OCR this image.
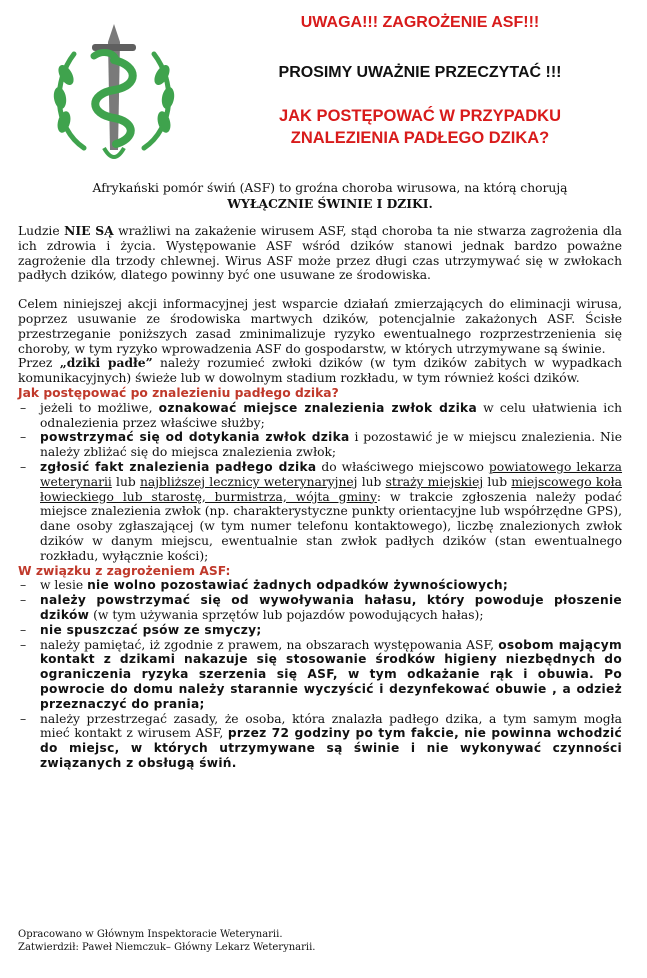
UWAGA!!! ZAGROŻENIE ASF!!!
PROSIMY UWAŻNIE PRZECZYTAĆ !!!
JAK POSTĘPOWAĆ W PRZYPADKU
ZNALEZIENIA PADŁEGO DZIKA?
Afrykański pomór świń (ASF) to groźna choroba wirusowa, na którą chorują
WYŁĄCZNIE ŚWINIE I DZIKI.

Ludzie NIE SĄ wrażliwi na zakażenie wirusem ASF, stąd choroba ta nie stwarza zagrożenia dla ich zdrowia i życia. Występowanie ASF wśród dzików stanowi jednak bardzo poważne zagrożenie dla trzody chlewnej. Wirus ASF może przez długi czas utrzymywać się w zwłokach padłych dzików, dlatego powinny być one usuwane ze środowiska.

Celem niniejszej akcji informacyjnej jest wsparcie działań zmierzających do eliminacji wirusa, poprzez usuwanie ze środowiska martwych dzików, potencjalnie zakażonych ASF. Ścisłe przestrzeganie poniższych zasad zminimalizuje ryzyko ewentualnego rozprzestrzenienia się choroby, w tym ryzyko wprowadzenia ASF do gospodarstw, w których utrzymywane są świnie.

Przez „dziki padłe” należy rozumieć zwłoki dzików (w tym dzików zabitych w wypadkach komunikacyjnych) świeże lub w dowolnym stadium rozkładu, w tym również kości dzików.

Jak postępować po znalezieniu padłego dzika?
– jeżeli to możliwe, oznakować miejsce znalezienia zwłok dzika w celu ułatwienia ich odnalezienia przez właściwe służby;
– powstrzymać się od dotykania zwłok dzika i pozostawić je w miejscu znalezienia. Nie należy zbliżać się do miejsca znalezienia zwłok;
– zgłosić fakt znalezienia padłego dzika do właściwego miejscowo powiatowego lekarza weterynarii lub najbliższej lecznicy weterynaryjnej lub straży miejskiej lub miejscowego koła łowieckiego lub starostę, burmistrza, wójta gminy: w trakcie zgłoszenia należy podać miejsce znalezienia zwłok (np. charakterystyczne punkty orientacyjne lub współrzędne GPS), dane osoby zgłaszającej (w tym numer telefonu kontaktowego), liczbę znalezionych zwłok dzików w danym miejscu, ewentualnie stan zwłok padłych dzików (stan ewentualnego rozkładu, wyłącznie kości);
W związku z zagrożeniem ASF:
– w lesie nie wolno pozostawiać żadnych odpadków żywnościowych;
– należy powstrzymać się od wywoływania hałasu, który powoduje płoszenie dzików (w tym używania sprzętów lub pojazdów powodujących hałas);
– nie spuszczać psów ze smyczy;
– należy pamiętać, iż zgodnie z prawem, na obszarach występowania ASF, osobom mającym kontakt z dzikami nakazuje się stosowanie środków higieny niezbędnych do ograniczenia ryzyka szerzenia się ASF, w tym odkażanie rąk i obuwia. Po powrocie do domu należy starannie wyczyścić i dezynfekować obuwie , a odzież przeznaczyć do prania;
– należy przestrzegać zasady, że osoba, która znalazła padłego dzika, a tym samym mogła mieć kontakt z wirusem ASF, przez 72 godziny po tym fakcie, nie powinna wchodzić do miejsc, w których utrzymywane są świnie i nie wykonywać czynności związanych z obsługą świń.
Opracowano w Głównym Inspektoracie Weterynarii.
Zatwierdził: Paweł Niemczuk– Główny Lekarz Weterynarii.
